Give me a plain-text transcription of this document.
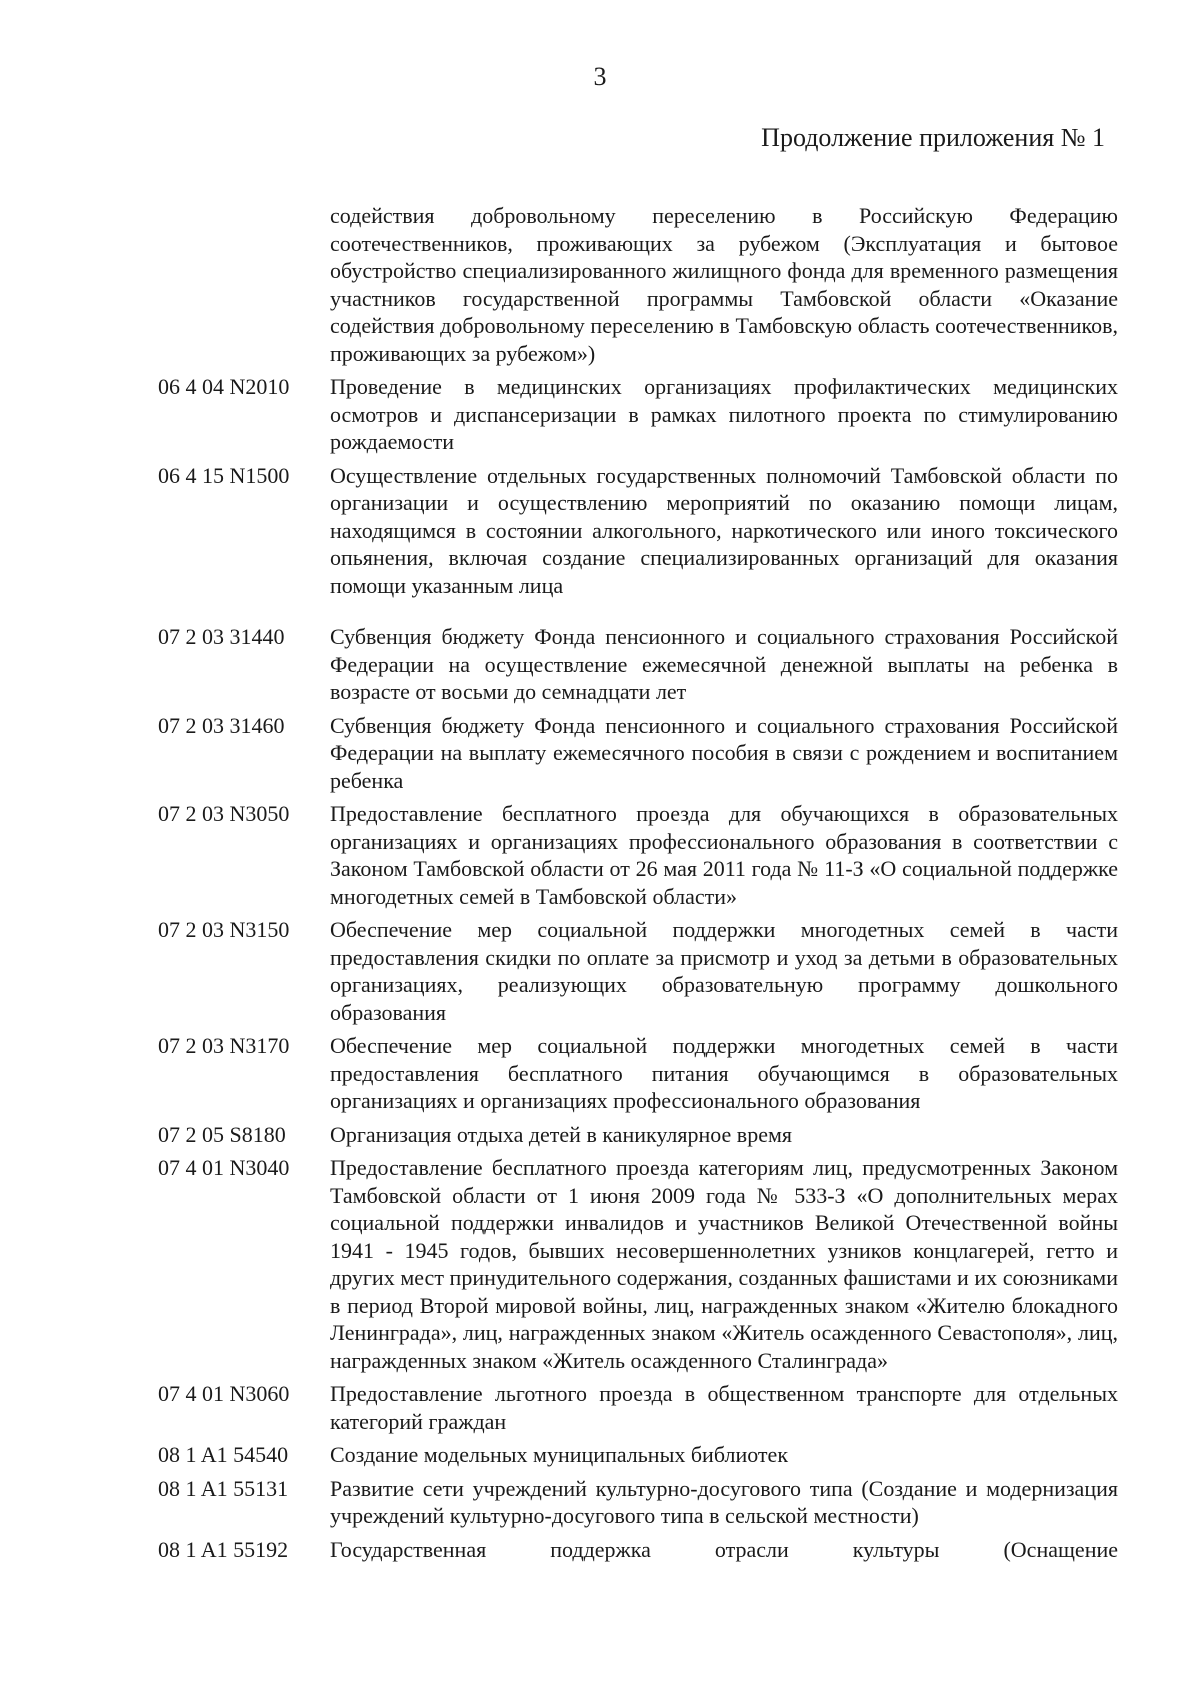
3
Продолжение приложения № 1
содействия добровольному переселению в Российскую Федерацию соотечественников, проживающих за рубежом (Эксплуатация и бытовое обустройство специализированного жилищного фонда для временного размещения участников государственной программы Тамбовской области «Оказание содействия добровольному переселению в Тамбовскую область соотечественников, проживающих за рубежом»)
06 4 04 N2010	Проведение в медицинских организациях профилактических медицинских осмотров и диспансеризации в рамках пилотного проекта по стимулированию рождаемости
06 4 15 N1500	Осуществление отдельных государственных полномочий Тамбовской области по организации и осуществлению мероприятий по оказанию помощи лицам, находящимся в состоянии алкогольного, наркотического или иного токсического опьянения, включая создание специализированных организаций для оказания помощи указанным лица
07 2 03 31440	Субвенция бюджету Фонда пенсионного и социального страхования Российской Федерации на осуществление ежемесячной денежной выплаты на ребенка в возрасте от восьми до семнадцати лет
07 2 03 31460	Субвенция бюджету Фонда пенсионного и социального страхования Российской Федерации на выплату ежемесячного пособия в связи с рождением и воспитанием ребенка
07 2 03 N3050	Предоставление бесплатного проезда для обучающихся в образовательных организациях и организациях профессионального образования в соответствии с Законом Тамбовской области от 26 мая 2011 года № 11-З «О социальной поддержке многодетных семей в Тамбовской области»
07 2 03 N3150	Обеспечение мер социальной поддержки многодетных семей в части предоставления скидки по оплате за присмотр и уход за детьми в образовательных организациях, реализующих образовательную программу дошкольного образования
07 2 03 N3170	Обеспечение мер социальной поддержки многодетных семей в части предоставления бесплатного питания обучающимся в образовательных организациях и организациях профессионального образования
07 2 05 S8180	Организация отдыха детей в каникулярное время
07 4 01 N3040	Предоставление бесплатного проезда категориям лиц, предусмотренных Законом Тамбовской области от 1 июня 2009 года № 533-З «О дополнительных мерах социальной поддержки инвалидов и участников Великой Отечественной войны 1941 - 1945 годов, бывших несовершеннолетних узников концлагерей, гетто и других мест принудительного содержания, созданных фашистами и их союзниками в период Второй мировой войны, лиц, награжденных знаком «Жителю блокадного Ленинграда», лиц, награжденных знаком «Житель осажденного Севастополя», лиц, награжденных знаком «Житель осажденного Сталинграда»
07 4 01 N3060	Предоставление льготного проезда в общественном транспорте для отдельных категорий граждан
08 1 A1 54540	Создание модельных муниципальных библиотек
08 1 A1 55131	Развитие сети учреждений культурно-досугового типа (Создание и модернизация учреждений культурно-досугового типа в сельской местности)
08 1 A1 55192	Государственная поддержка отрасли культуры (Оснащение
